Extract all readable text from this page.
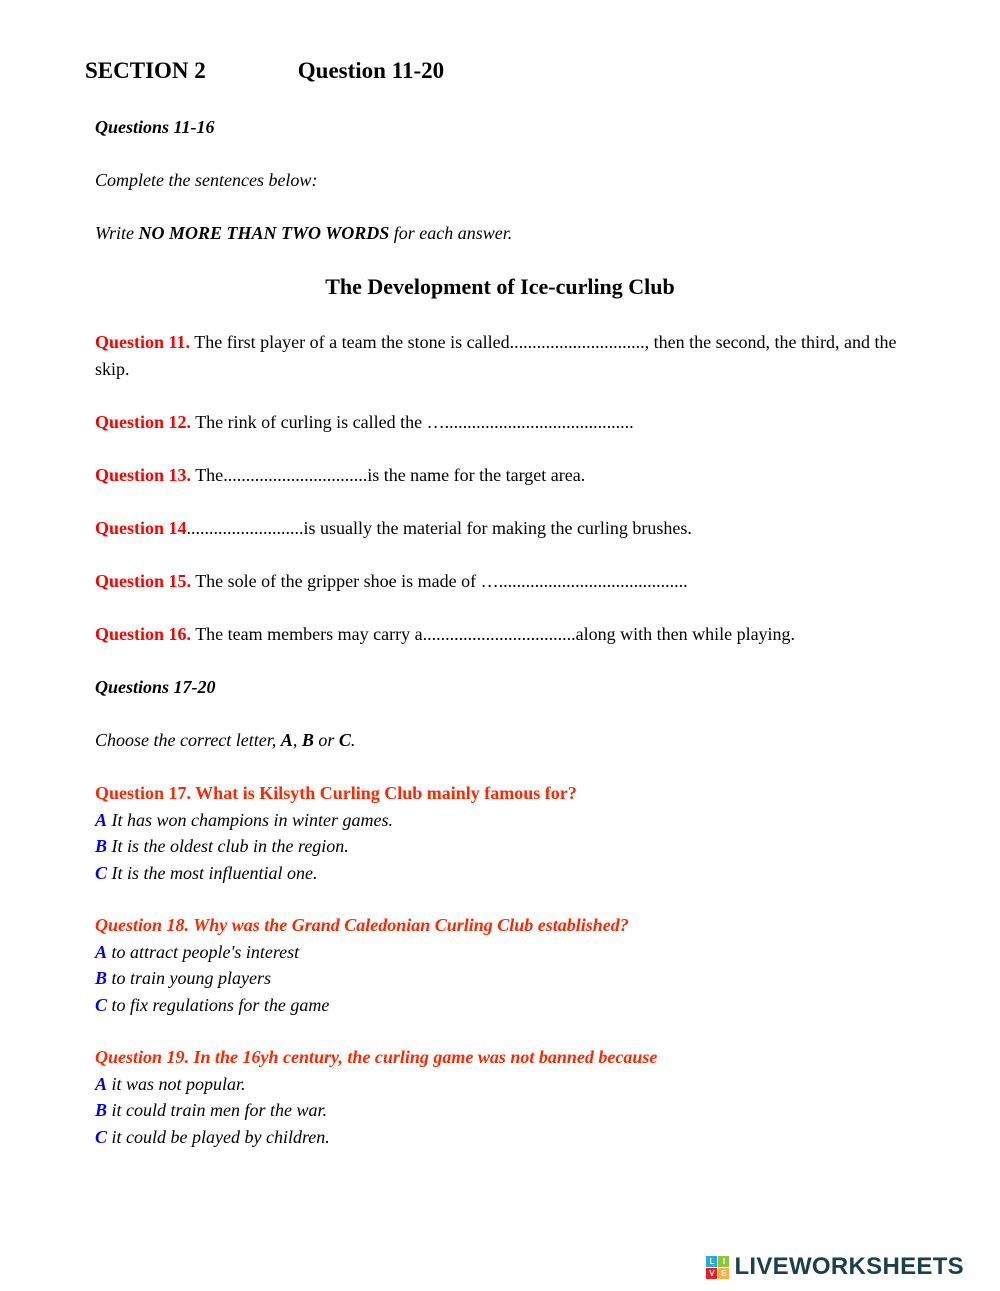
SECTION 2	Question 11-20

Questions 11-16

Complete the sentences below:

Write NO MORE THAN TWO WORDS for each answer.

The Development of Ice-curling Club

Question 11. The first player of a team the stone is called.............................., then the second, the third, and the skip.

Question 12. The rink of curling is called the …..........................................

Question 13. The................................is the name for the target area.

Question 14..........................is usually the material for making the curling brushes.

Question 15. The sole of the gripper shoe is made of …..........................................

Question 16. The team members may carry a..................................along with then while playing.

Questions 17-20

Choose the correct letter, A, B or C.

Question 17. What is Kilsyth Curling Club mainly famous for?

A It has won champions in winter games.

B It is the oldest club in the region.

C It is the most influential one.

Question 18. Why was the Grand Caledonian Curling Club established?

A to attract people's interest

B to train young players

C to fix regulations for the game

Question 19. In the 16yh century, the curling game was not banned because

A it was not popular.

B it could train men for the war.

C it could be played by children.

L	I
V E LIVEWORKSHEETS
